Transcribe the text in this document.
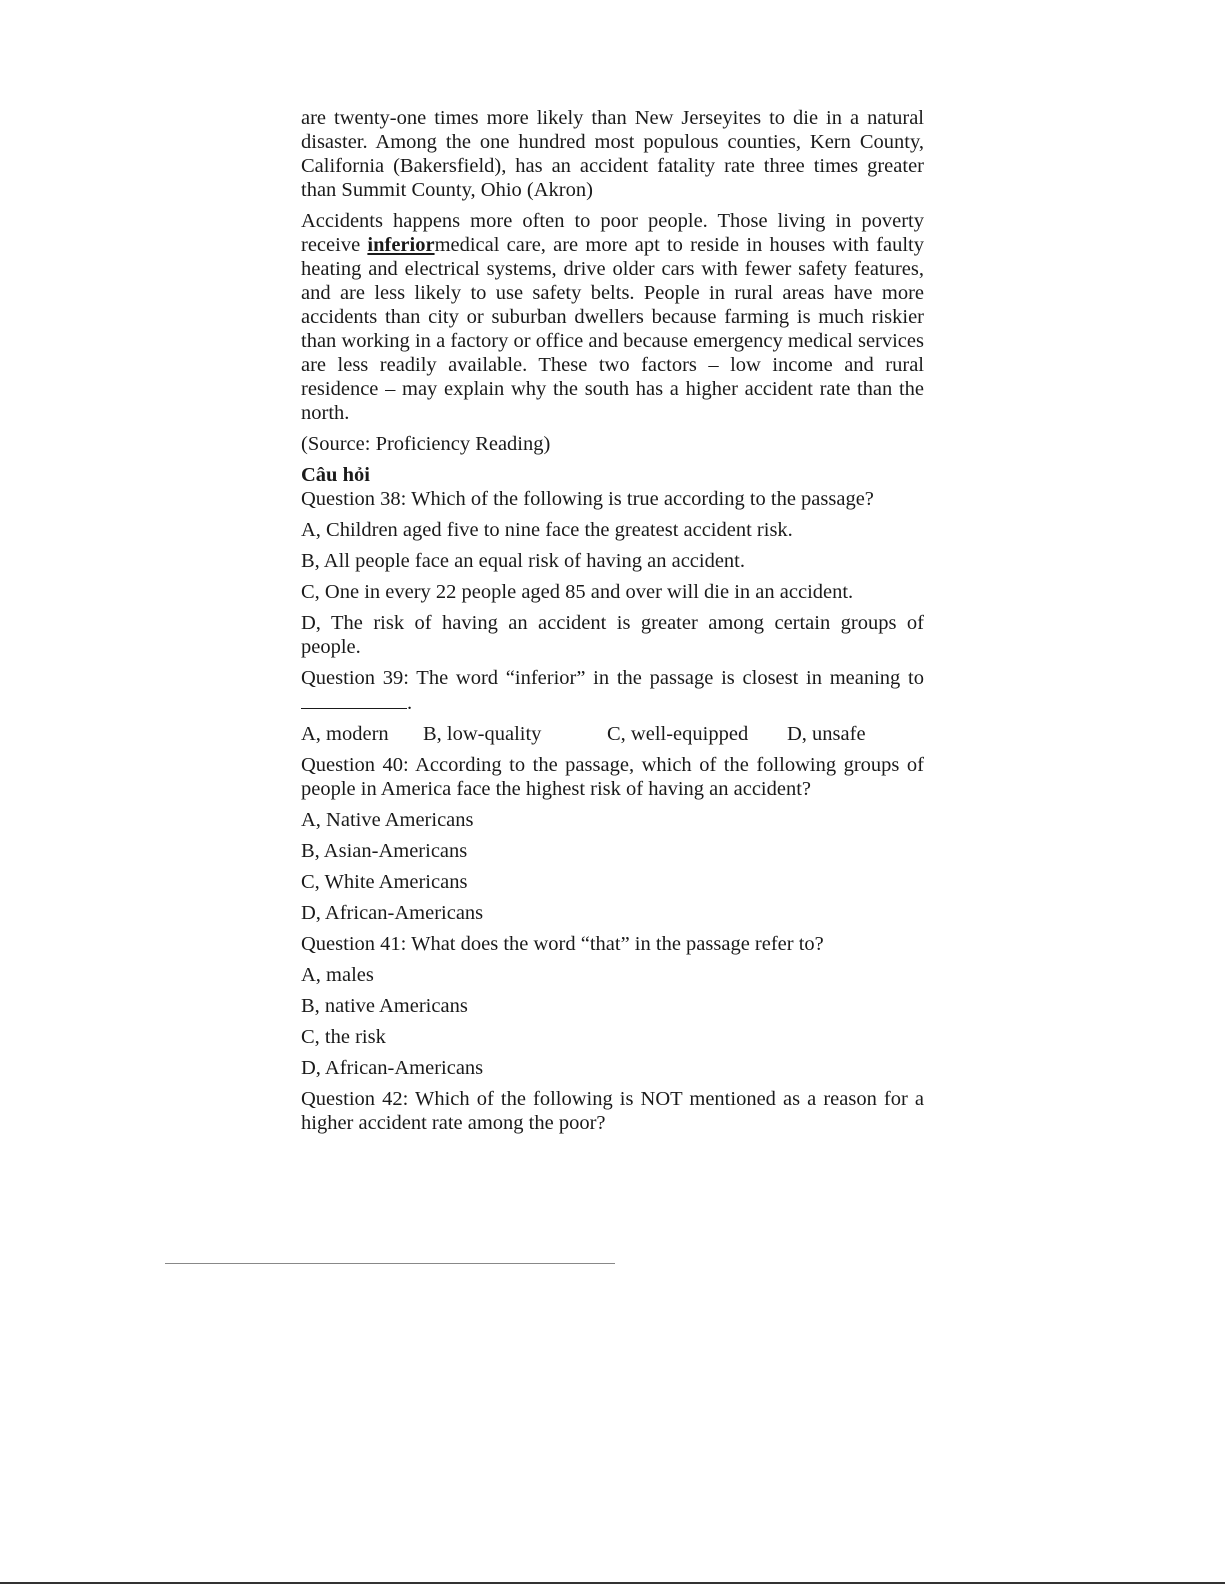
are twenty-one times more likely than New Jerseyites to die in a natural disaster. Among the one hundred most populous counties, Kern County, California (Bakersfield), has an accident fatality rate three times greater than Summit County, Ohio (Akron)

Accidents happens more often to poor people. Those living in poverty receive inferiormedical care, are more apt to reside in houses with faulty heating and electrical systems, drive older cars with fewer safety features, and are less likely to use safety belts. People in rural areas have more accidents than city or suburban dwellers because farming is much riskier than working in a factory or office and because emergency medical services are less readily available. These two factors – low income and rural residence – may explain why the south has a higher accident rate than the north.

(Source: Proficiency Reading)

Câu hỏi

Question 38: Which of the following is true according to the passage?

A, Children aged five to nine face the greatest accident risk.

B, All people face an equal risk of having an accident.

C, One in every 22 people aged 85 and over will die in an accident.

D, The risk of having an accident is greater among certain groups of people.

Question 39: The word “inferior” in the passage is closest in meaning to.

A, modern	B, low-quality	C, well-equipped	D, unsafe

Question 40: According to the passage, which of the following groups of people in America face the highest risk of having an accident?

A, Native Americans

B, Asian-Americans

C, White Americans

D, African-Americans

Question 41: What does the word “that” in the passage refer to?

A, males

B, native Americans

C, the risk

D, African-Americans

Question 42: Which of the following is NOT mentioned as a reason for a higher accident rate among the poor?
